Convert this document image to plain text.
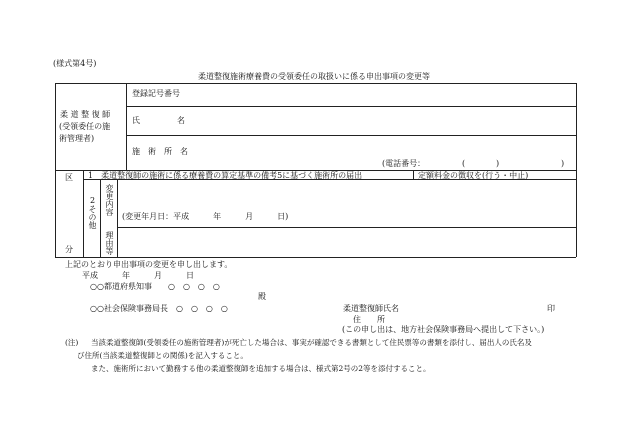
(様式第4号)
柔道整復施術療養費の受領委任の取扱いに係る申出事項の変更等
柔 道 整 復 師
(受領委任の施
術管理者)
登録記号番号
氏	名
施　術　所　名
(電話番号：	(	)	)
区
分
1　柔道整復師の施術に係る療養費の算定基準の備考5に基づく施術所の届出	定額料金の徴収を(行う・中止)
2その他 変更内容
理由等
(変更年月日：平成　　　年　　　月　　　日)
上記のとおり申出事項の変更を申し出します。
平成　　　年　　　月　　　日
○○都道府県知事　　○　○　○　○
殿
○○社会保険事務局長　○　○　○　○	柔道整復師氏名	印
住　　所
(この申し出は、地方社会保険事務局へ提出して下さい。)
(注) 当該柔道整復師(受領委任の施術管理者)が死亡した場合は、事実が確認できる書類として住民票等の書類を添付し、届出人の氏名及
び住所(当該柔道整復師との関係)を記入すること。
また、施術所において勤務する他の柔道整復師を追加する場合は、様式第2号の2等を添付すること。
